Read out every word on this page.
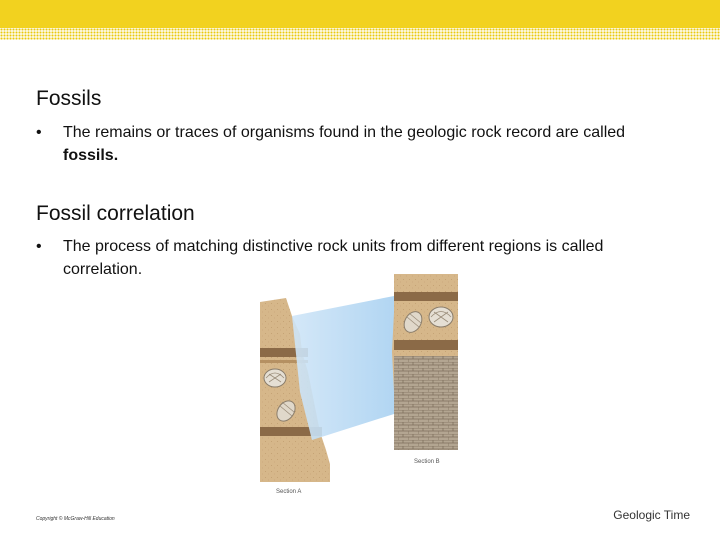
Fossils
•	The remains or traces of organisms found in the geologic rock record are called fossils.
Fossil correlation
•	The process of matching distinctive rock units from different regions is called correlation.
Section B
Section A
Copyright © McGraw-Hill Education	Geologic Time
